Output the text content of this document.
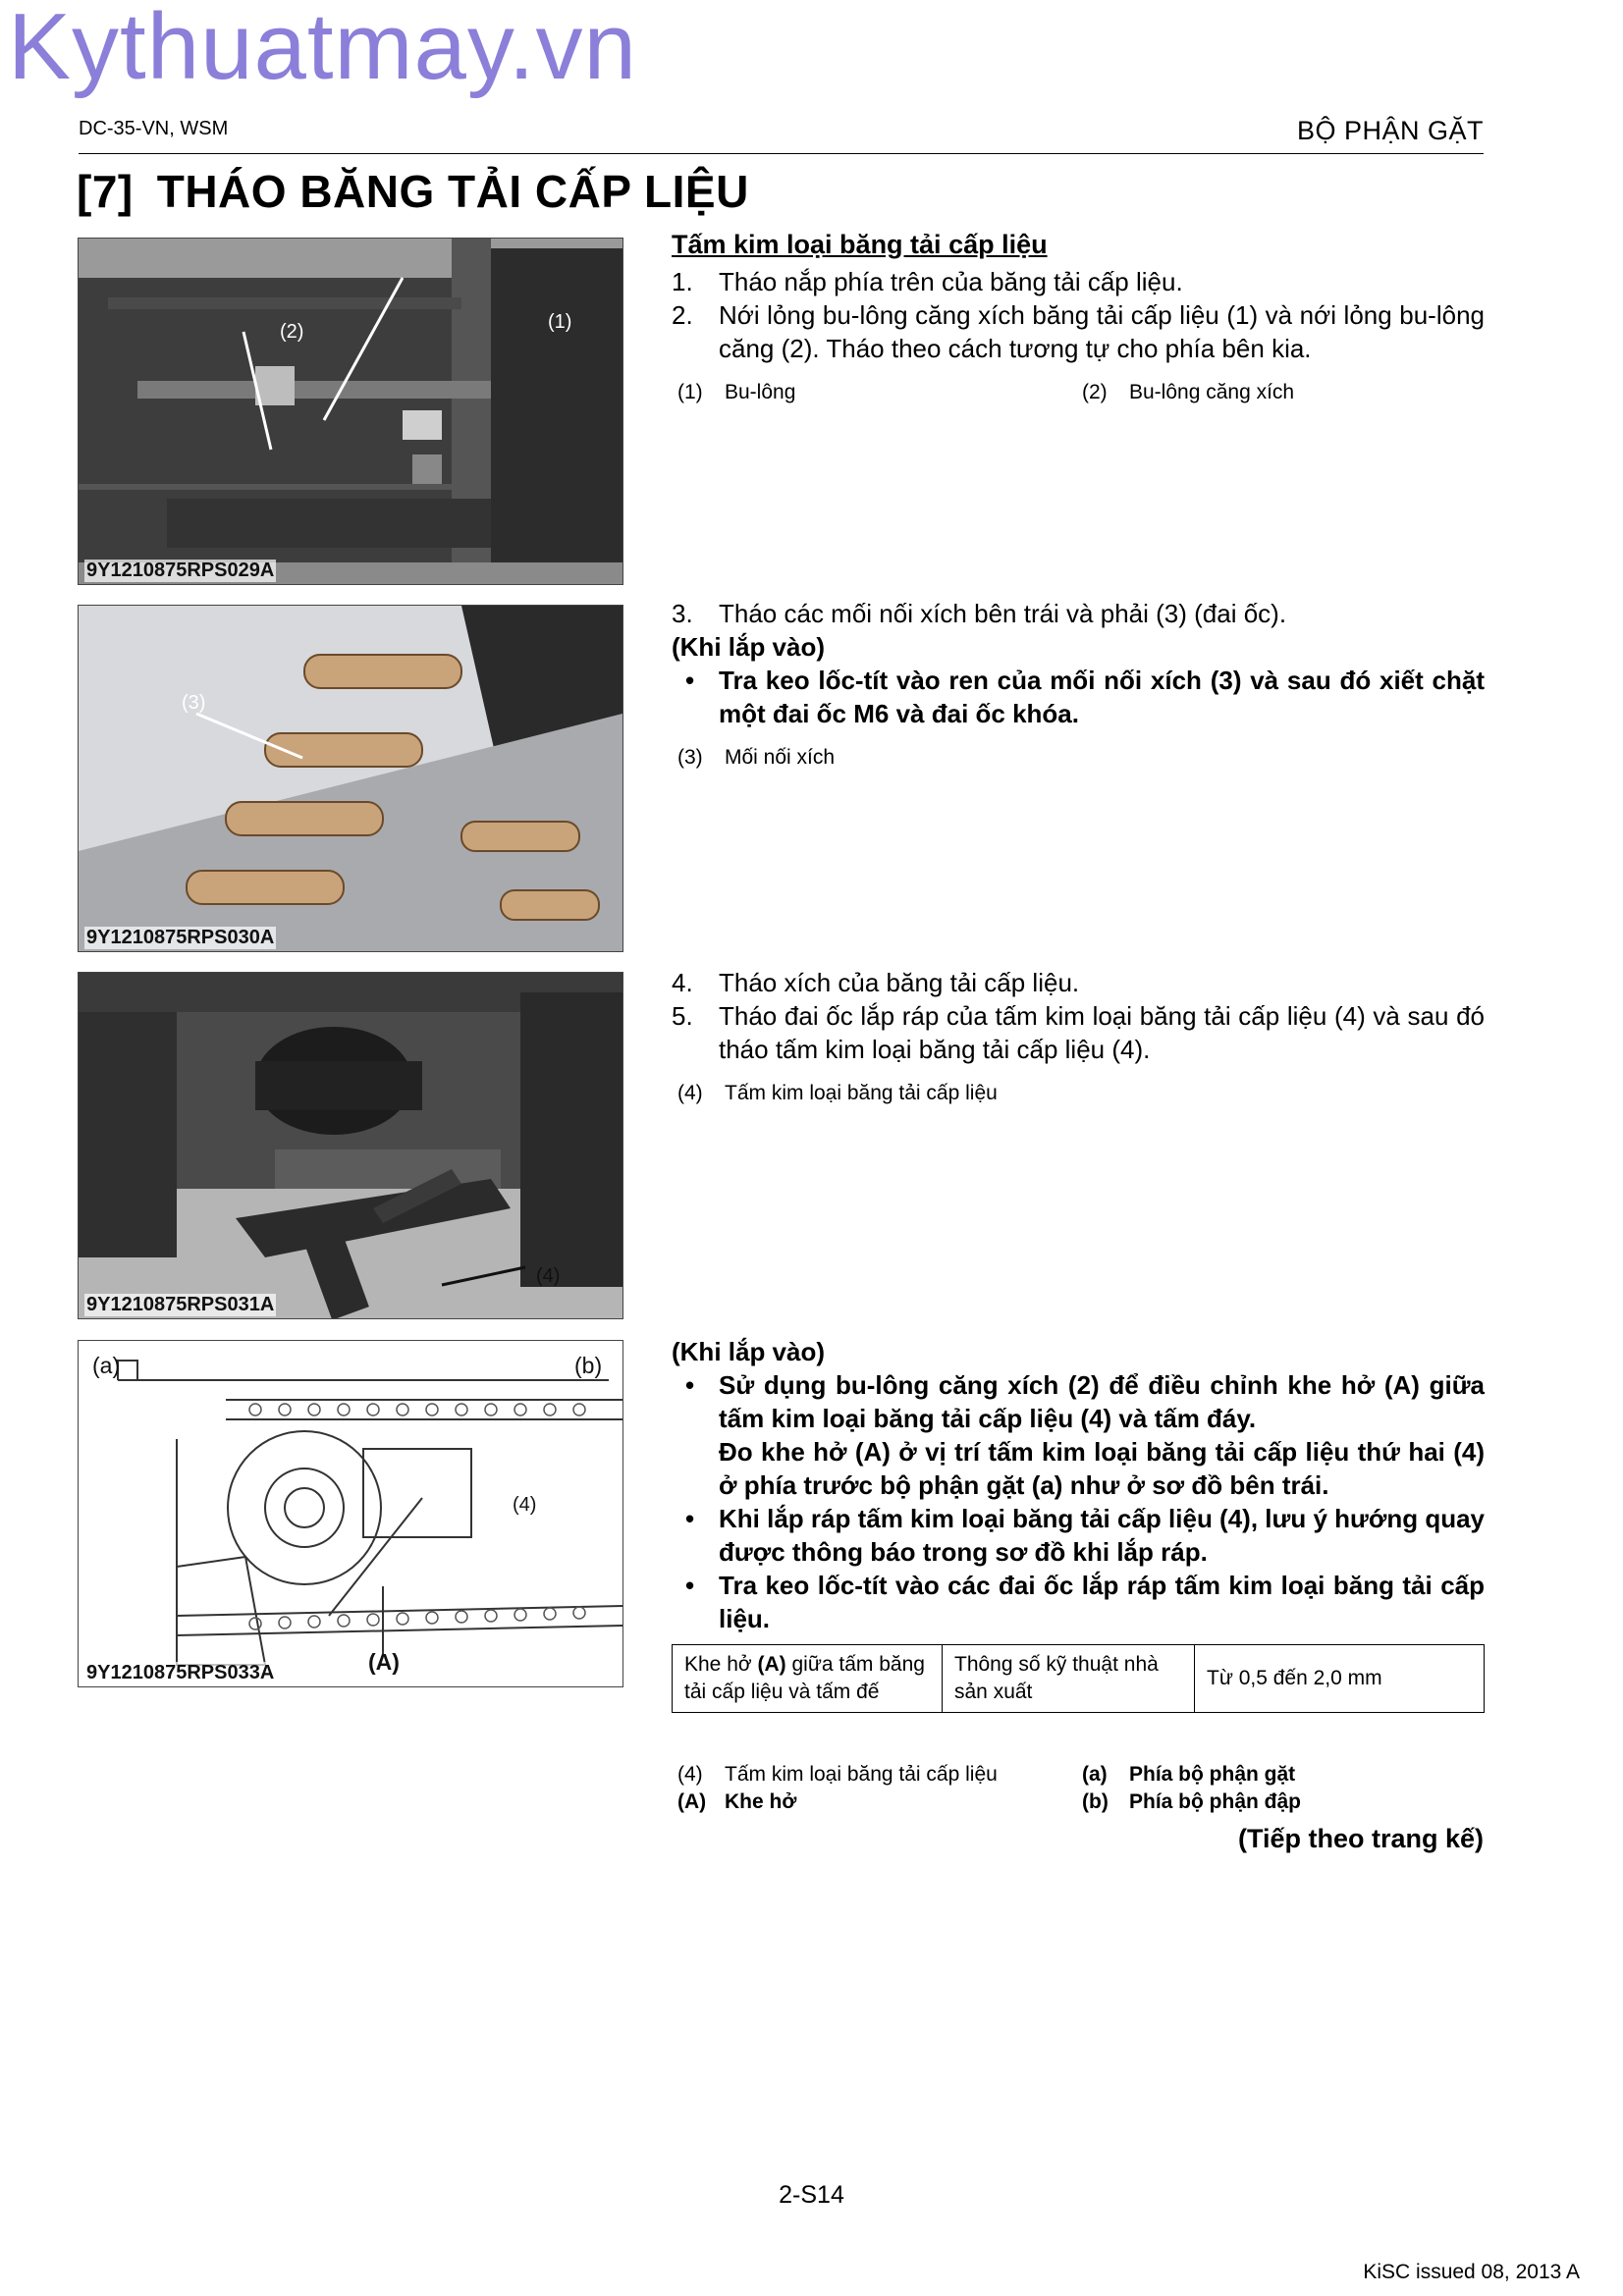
Kythuatmay.vn
DC-35-VN, WSM	BỘ PHẬN GẶT
[7] THÁO BĂNG TẢI CẤP LIỆU
(2)	(1)
9Y1210875RPS029A
(3)
9Y1210875RPS030A
(4)
9Y1210875RPS031A
(a)	(b)
(4)
(A)
9Y1210875RPS033A
Tấm kim loại băng tải cấp liệu
1. Tháo nắp phía trên của băng tải cấp liệu.
2. Nới lỏng bu-lông căng xích băng tải cấp liệu (1) và nới lỏng bu-lông căng (2). Tháo theo cách tương tự cho phía bên kia.
(1) Bu-lông	(2) Bu-lông căng xích
3. Tháo các mối nối xích bên trái và phải (3) (đai ốc).
(Khi lắp vào)
• Tra keo lốc-tít vào ren của mối nối xích (3) và sau đó xiết chặt một đai ốc M6 và đai ốc khóa.
(3) Mối nối xích
4. Tháo xích của băng tải cấp liệu.
5. Tháo đai ốc lắp ráp của tấm kim loại băng tải cấp liệu (4) và sau đó tháo tấm kim loại băng tải cấp liệu (4).
(4) Tấm kim loại băng tải cấp liệu
(Khi lắp vào)
• Sử dụng bu-lông căng xích (2) để điều chỉnh khe hở (A) giữa tấm kim loại băng tải cấp liệu (4) và tấm đáy.
Đo khe hở (A) ở vị trí tấm kim loại băng tải cấp liệu thứ hai (4) ở phía trước bộ phận gặt (a) như ở sơ đồ bên trái.
• Khi lắp ráp tấm kim loại băng tải cấp liệu (4), lưu ý hướng quay được thông báo trong sơ đồ khi lắp ráp.
• Tra keo lốc-tít vào các đai ốc lắp ráp tấm kim loại băng tải cấp liệu.
Khe hở (A) giữa tấm băng tải cấp liệu và tấm đế	Thông số kỹ thuật nhà sản xuất	Từ 0,5 đến 2,0 mm
(4) Tấm kim loại băng tải cấp liệu	(a) Phía bộ phận gặt
(A) Khe hở	(b) Phía bộ phận đập
(Tiếp theo trang kế)
2-S14
KiSC issued 08, 2013 A
